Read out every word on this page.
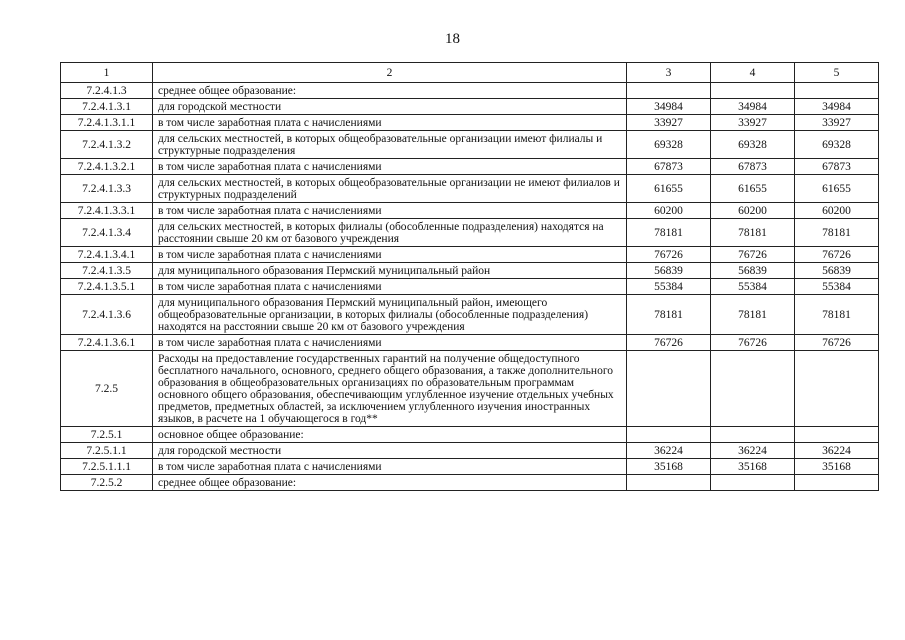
18
1	2	3	4	5
7.2.4.1.3	среднее общее образование:			
7.2.4.1.3.1	для городской местности	34984	34984	34984
7.2.4.1.3.1.1	в том числе заработная плата с начислениями	33927	33927	33927
7.2.4.1.3.2	для сельских местностей, в которых общеобразовательные организации имеют филиалы и структурные подразделения	69328	69328	69328
7.2.4.1.3.2.1	в том числе заработная плата с начислениями	67873	67873	67873
7.2.4.1.3.3	для сельских местностей, в которых общеобразовательные организации не имеют филиалов и структурных подразделений	61655	61655	61655
7.2.4.1.3.3.1	в том числе заработная плата с начислениями	60200	60200	60200
7.2.4.1.3.4	для сельских местностей, в которых филиалы (обособленные подразделения) находятся на расстоянии свыше 20 км от базового учреждения	78181	78181	78181
7.2.4.1.3.4.1	в том числе заработная плата с начислениями	76726	76726	76726
7.2.4.1.3.5	для муниципального образования Пермский муниципальный район	56839	56839	56839
7.2.4.1.3.5.1	в том числе заработная плата с начислениями	55384	55384	55384
7.2.4.1.3.6	для муниципального образования Пермский муниципальный район, имеющего общеобразовательные организации, в которых филиалы (обособленные подразделения) находятся на расстоянии свыше 20 км от базового учреждения	78181	78181	78181
7.2.4.1.3.6.1	в том числе заработная плата с начислениями	76726	76726	76726
7.2.5	Расходы на предоставление государственных гарантий на получение общедоступного бесплатного начального, основного, среднего общего образования, а также дополнительного образования в общеобразовательных организациях по образовательным программам основного общего образования, обеспечивающим углубленное изучение отдельных учебных предметов, предметных областей, за исключением углубленного изучения иностранных языков, в расчете на 1 обучающегося в год**			
7.2.5.1	основное общее образование:			
7.2.5.1.1	для городской местности	36224	36224	36224
7.2.5.1.1.1	в том числе заработная плата с начислениями	35168	35168	35168
7.2.5.2	среднее общее образование:			
